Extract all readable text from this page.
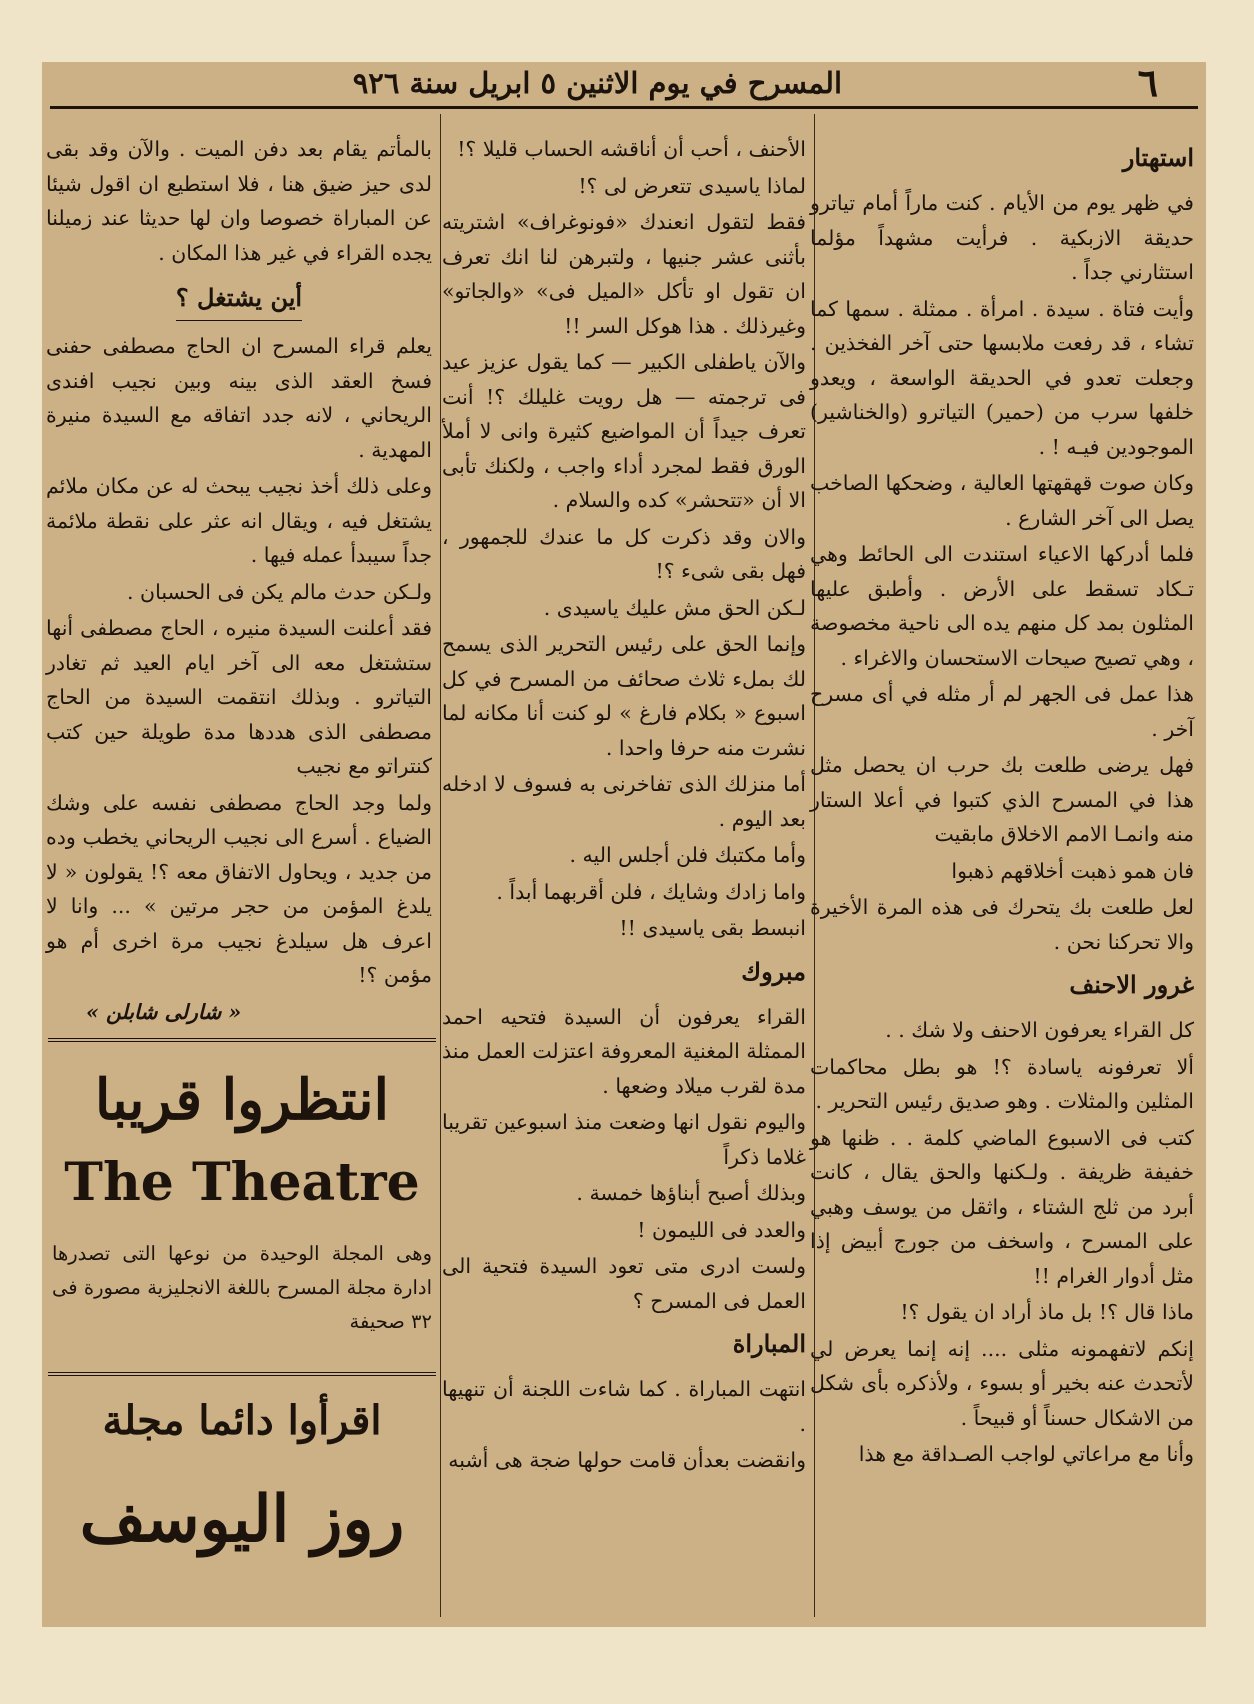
٦
المسرح في يوم الاثنين ٥ ابريل سنة ٩٢٦
استهتار

في ظهر يوم من الأيام . كنت ماراً أمام تياترو حديقة الازبكية . فرأيت مشهداً مؤلما استثارني جداً .

وأيت فتاة . سيدة . امرأة . ممثلة . سمها كما تشاء ، قد رفعت ملابسها حتى آخر الفخذين . وجعلت تعدو في الحديقة الواسعة ، ويعدو خلفها سرب من (حمير) التياترو (والخناشير) الموجودين فيـه ! .

وكان صوت قهقهتها العالية ، وضحكها الصاخب يصل الى آخر الشارع .

فلما أدركها الاعياء استندت الى الحائط وهي تـكاد تسقط على الأرض . وأطبق عليها المثلون بمد كل منهم يده الى ناحية مخصوصة ، وهي تصيح صيحات الاستحسان والاغراء .

هذا عمل فى الجهر لم أر مثله في أى مسرح آخر .

فهل يرضى طلعت بك حرب ان يحصل مثل هذا في المسرح الذي كتبوا في أعلا الستار منه وانمـا الامم الاخلاق مابقيت

فان همو ذهبت أخلاقهم ذهبوا

لعل طلعت بك يتحرك فى هذه المرة الأخيرة والا تحركنا نحن .

غرور الاحنف

كل القراء يعرفون الاحنف ولا شك . .

ألا تعرفونه ياسادة ؟! هو بطل محاكمات المثلين والمثلات . وهو صديق رئيس التحرير .

كتب فى الاسبوع الماضي كلمة . . ظنها هو خفيفة ظريفة . ولـكنها والحق يقال ، كانت أبرد من ثلج الشتاء ، واثقل من يوسف وهبي على المسرح ، واسخف من جورج أبيض إذا مثل أدوار الغرام !!

ماذا قال ؟! بل ماذ أراد ان يقول ؟!

إنكم لاتفهمونه مثلى .... إنه إنما يعرض لي لأتحدث عنه بخير أو بسوء ، ولأذكره بأى شكل من الاشكال حسناً أو قبيحاً .

وأنا مع مراعاتي لواجب الصـداقة مع هذا

الأحنف ، أحب أن أناقشه الحساب قليلا ؟!

لماذا ياسيدى تتعرض لى ؟!

فقط لتقول انعندك «فونوغراف» اشتريته بأثنى عشر جنيها ، ولتبرهن لنا انك تعرف ان تقول او تأكل «الميل فى» «والجاتو» وغيرذلك . هذا هوكل السر !!

والآن ياطفلى الكبير — كما يقول عزيز عيد فى ترجمته — هل رويت غليلك ؟! أنت تعرف جيداً أن المواضيع كثيرة وانى لا أملأ الورق فقط لمجرد أداء واجب ، ولكنك تأبى الا أن «تتحشر» كده والسلام .

والان وقد ذكرت كل ما عندك للجمهور ، فهل بقى شىء ؟!

لـكن الحق مش عليك ياسيدى .

وإنما الحق على رئيس التحرير الذى يسمح لك بملء ثلاث صحائف من المسرح في كل اسبوع « بكلام فارغ » لو كنت أنا مكانه لما نشرت منه حرفا واحدا .

أما منزلك الذى تفاخرنى به فسوف لا ادخله بعد اليوم .

وأما مكتبك فلن أجلس اليه .

واما زادك وشايك ، فلن أقربهما أبداً .

انبسط بقى ياسيدى !!

مبروك

القراء يعرفون أن السيدة فتحيه احمد الممثلة المغنية المعروفة اعتزلت العمل منذ مدة لقرب ميلاد وضعها .

واليوم نقول انها وضعت منذ اسبوعين تقريبا غلاما ذكراً

وبذلك أصبح أبناؤها خمسة .

والعدد فى الليمون !

ولست ادرى متى تعود السيدة فتحية الى العمل فى المسرح ؟

المباراة

انتهت المباراة . كما شاءت اللجنة أن تنهيها .

وانقضت بعدأن قامت حولها ضجة هى أشبه

بالمأتم يقام بعد دفن الميت . والآن وقد بقى لدى حيز ضيق هنا ، فلا استطيع ان اقول شيئا عن المباراة خصوصا وان لها حديثا عند زميلنا يجده القراء في غير هذا المكان .

أين يشتغل ؟

يعلم قراء المسرح ان الحاج مصطفى حفنى فسخ العقد الذى بينه وبين نجيب افندى الريحاني ، لانه جدد اتفاقه مع السيدة منيرة المهدية .

وعلى ذلك أخذ نجيب يبحث له عن مكان ملائم يشتغل فيه ، ويقال انه عثر على نقطة ملائمة جداً سيبدأ عمله فيها .

ولـكن حدث مالم يكن فى الحسبان .

فقد أعلنت السيدة منيره ، الحاج مصطفى أنها ستشتغل معه الى آخر ايام العيد ثم تغادر التياترو . وبذلك انتقمت السيدة من الحاج مصطفى الذى هددها مدة طويلة حين كتب كنتراتو مع نجيب

ولما وجد الحاج مصطفى نفسه على وشك الضياع . أسرع الى نجيب الريحاني يخطب وده من جديد ، ويحاول الاتفاق معه ؟! يقولون « لا يلدغ المؤمن من حجر مرتين » ... وانا لا اعرف هل سيلدغ نجيب مرة اخرى أم هو مؤمن ؟!

« شارلى شابلن »

انتظروا قريبا
The Theatre
وهى المجلة الوحيدة من نوعها التى تصدرها ادارة مجلة المسرح باللغة الانجليزية مصورة فى ٣٢ صحيفة
اقرأوا دائما مجلة
روز اليوسف
